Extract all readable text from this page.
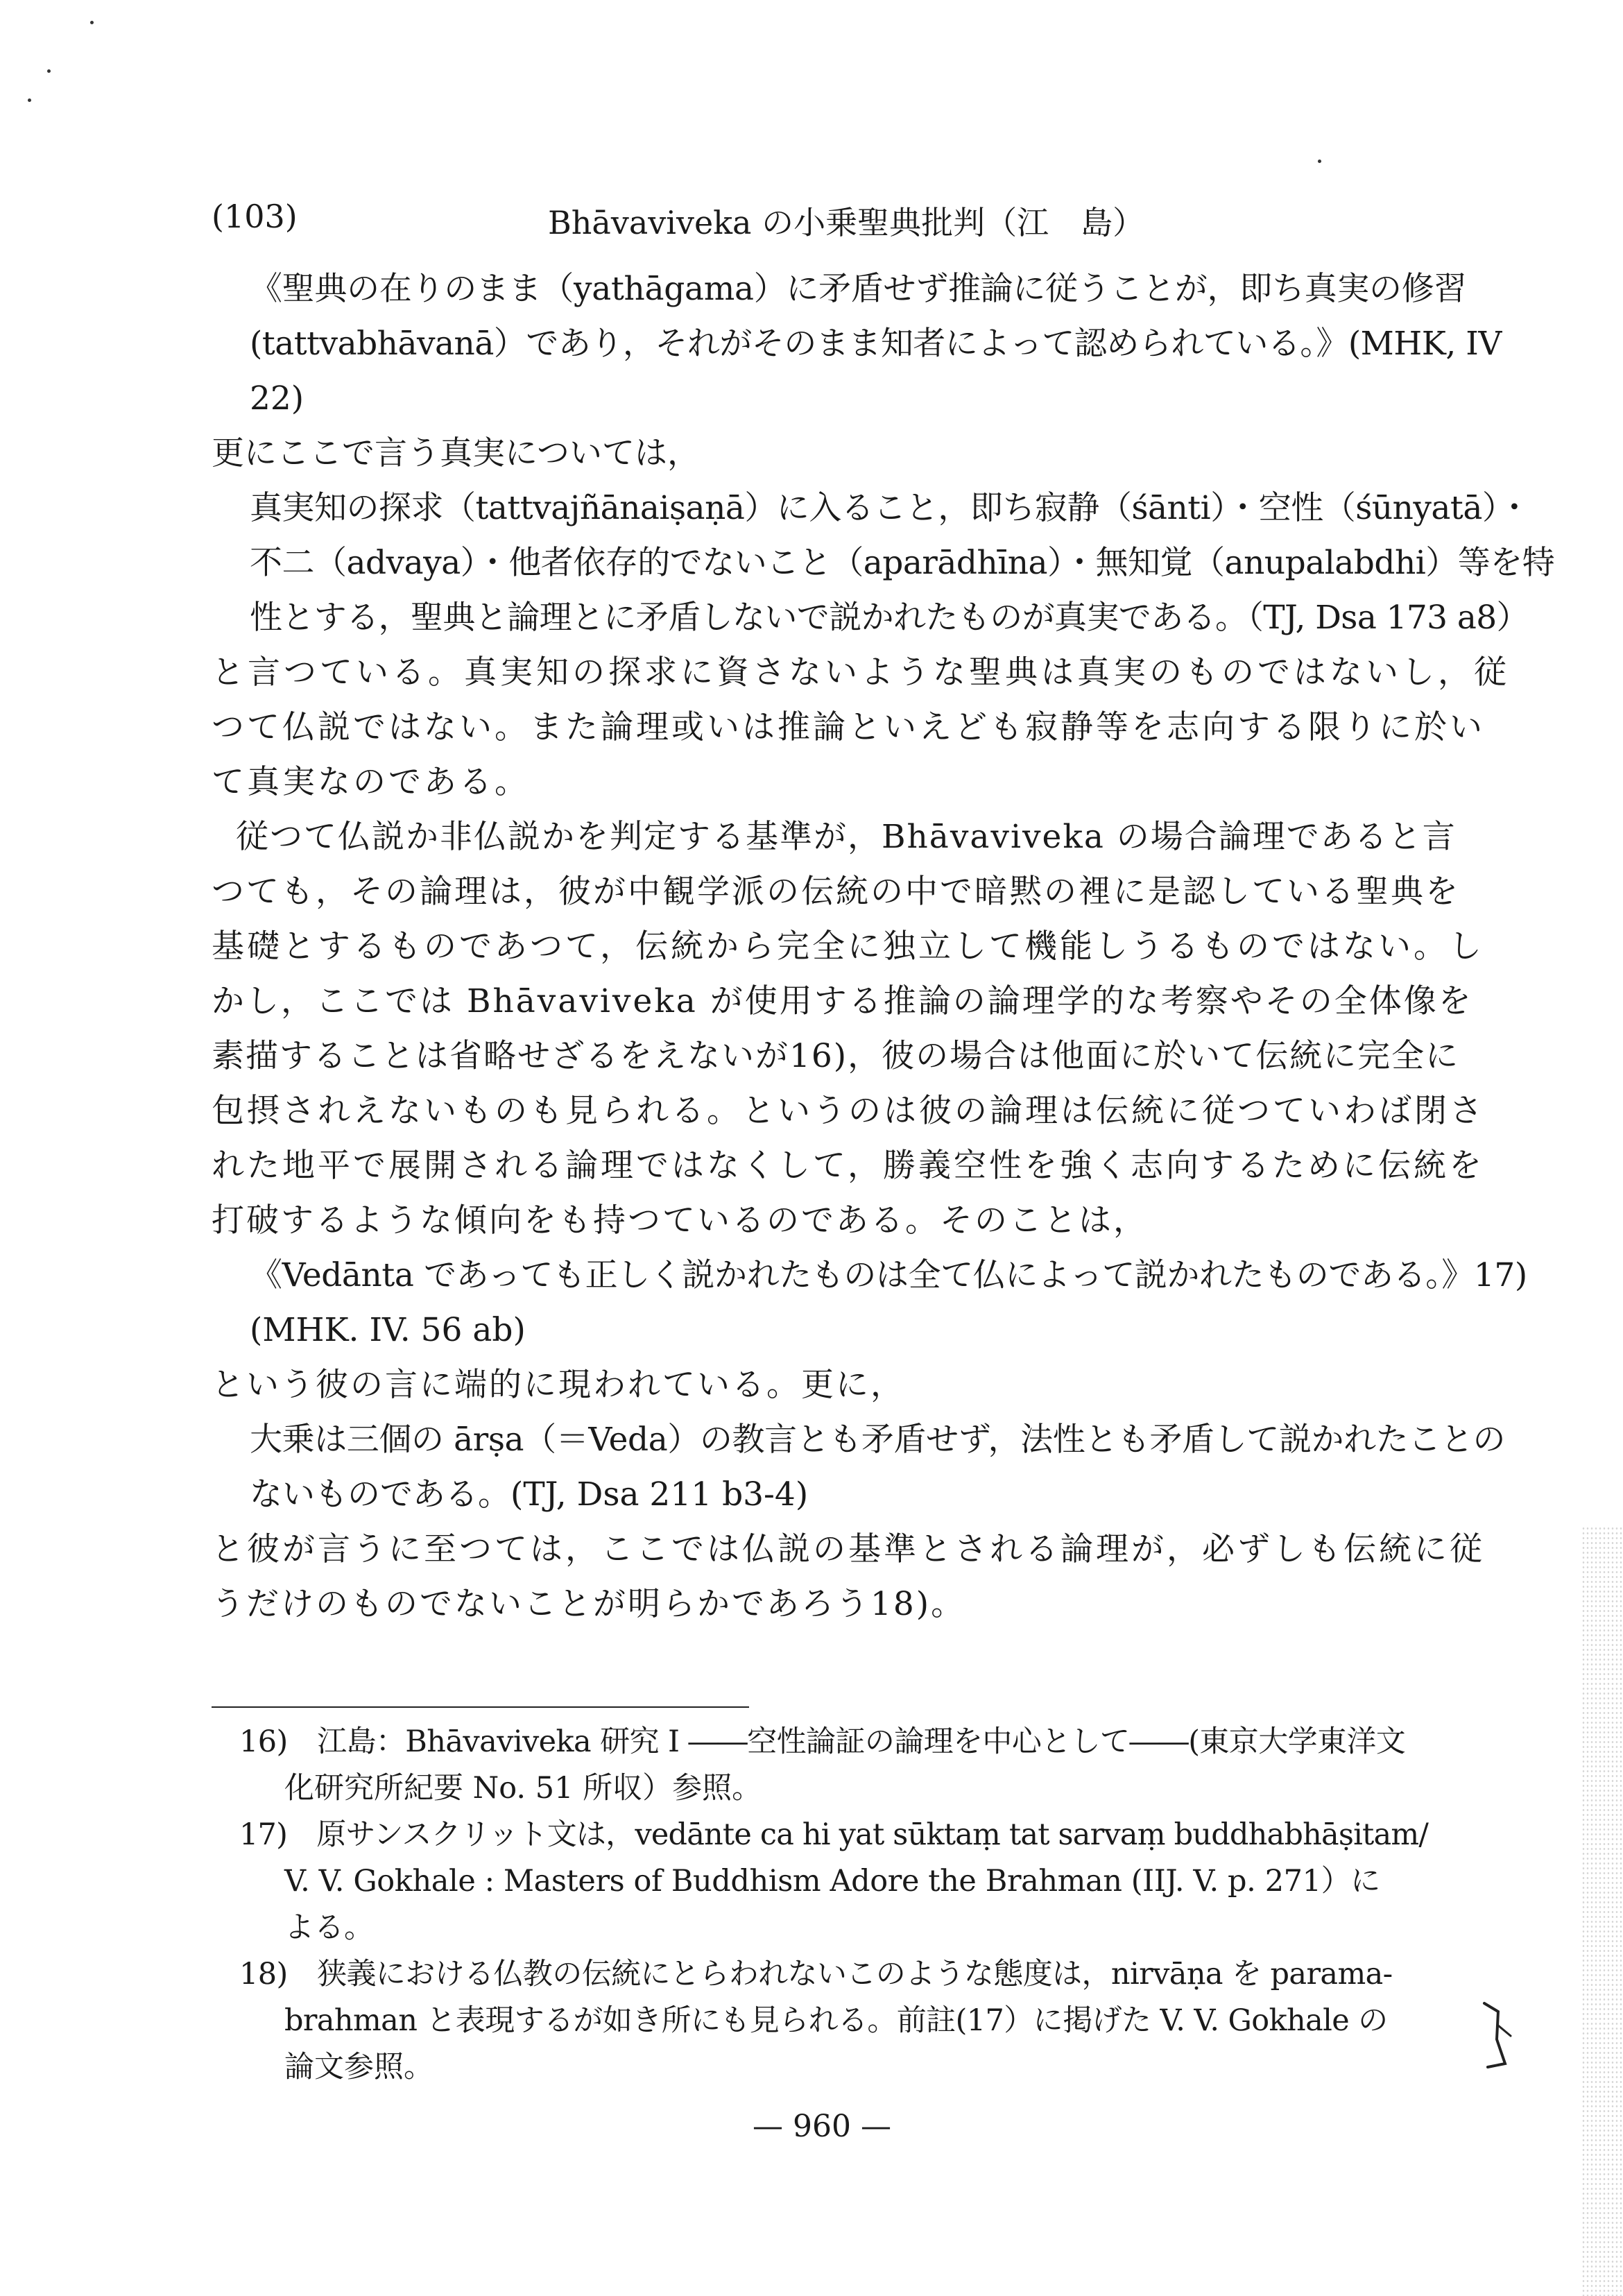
(103)	Bhāvaviveka の小乗聖典批判（江　島）
《聖典の在りのまま（yathāgama）に矛盾せず推論に従うことが，即ち真実の修習
(tattvabhāvanā）であり，それがそのまま知者によって認められている。》(MHK, IV
22)
更にここで言う真実については，
真実知の探求（tattvajñānaiṣaṇā）に入ること，即ち寂静（śānti）・空性（śūnyatā）・
不二（advaya）・他者依存的でないこと（aparādhīna）・無知覚（anupalabdhi）等を特
性とする，聖典と論理とに矛盾しないで説かれたものが真実である。（TJ, Dsa 173 a8）
と言つている。真実知の探求に資さないような聖典は真実のものではないし，従
つて仏説ではない。また論理或いは推論といえども寂静等を志向する限りに於い
て真実なのである。
従つて仏説か非仏説かを判定する基準が，Bhāvaviveka の場合論理であると言
つても，その論理は，彼が中観学派の伝統の中で暗黙の裡に是認している聖典を
基礎とするものであつて，伝統から完全に独立して機能しうるものではない。し
かし，ここでは Bhāvaviveka が使用する推論の論理学的な考察やその全体像を
素描することは省略せざるをえないが16)，彼の場合は他面に於いて伝統に完全に
包摂されえないものも見られる。というのは彼の論理は伝統に従つていわば閉さ
れた地平で展開される論理ではなくして，勝義空性を強く志向するために伝統を
打破するような傾向をも持つているのである。そのことは，
《Vedānta であっても正しく説かれたものは全て仏によって説かれたものである。》17)
(MHK. IV. 56 ab)
という彼の言に端的に現われている。更に，
大乗は三個の ārṣa（＝Veda）の教言とも矛盾せず，法性とも矛盾して説かれたことの
ないものである。(TJ, Dsa 211 b3-4)
と彼が言うに至つては，ここでは仏説の基準とされる論理が，必ずしも伝統に従
うだけのものでないことが明らかであろう18)。
16)　江島：Bhāvaviveka 研究 I ――空性論証の論理を中心として――(東京大学東洋文
化研究所紀要 No. 51 所収）参照。
17)　原サンスクリット文は，vedānte ca hi yat sūktaṃ tat sarvaṃ buddhabhāṣitam/
V. V. Gokhale : Masters of Buddhism Adore the Brahman (IIJ. V. p. 271）に
よる。
18)　狭義における仏教の伝統にとらわれないこのような態度は，nirvāṇa を parama-
brahman と表現するが如き所にも見られる。前註(17）に掲げた V. V. Gokhale の
論文参照。
— 960 —
